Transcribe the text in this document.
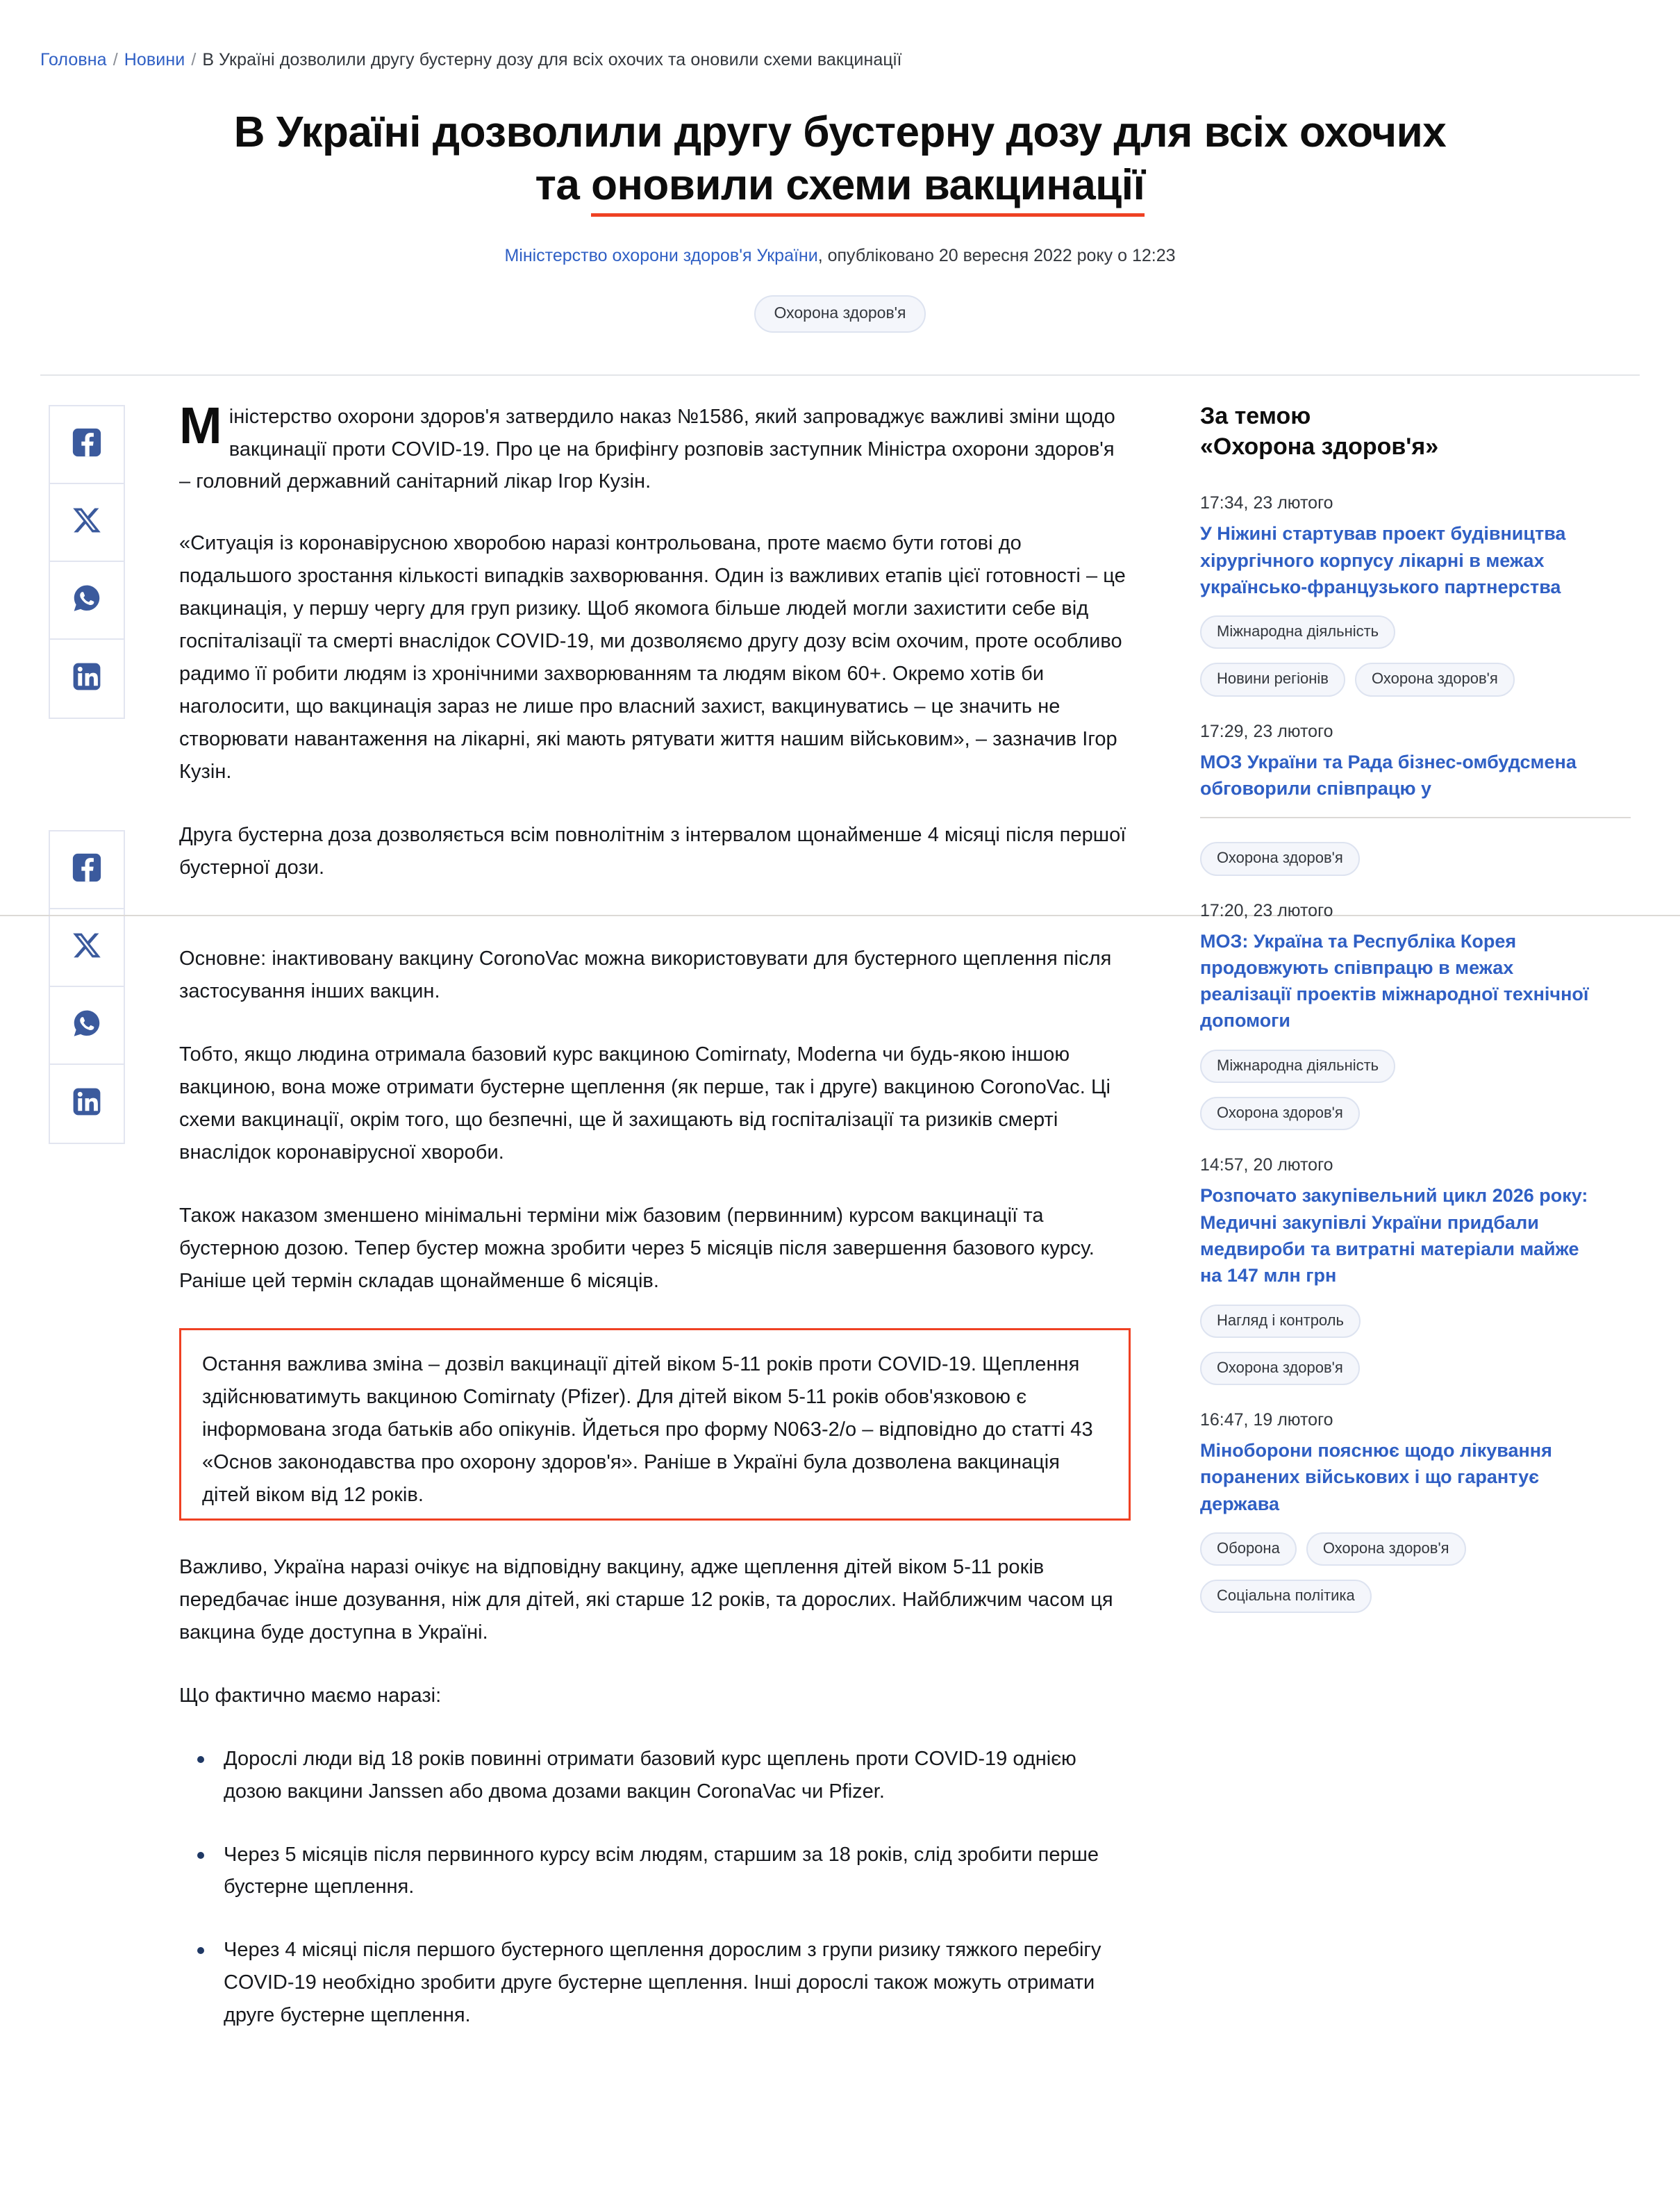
Головна / Новини / В Україні дозволили другу бустерну дозу для всіх охочих та оновили схеми вакцинації
В Україні дозволили другу бустерну дозу для всіх охочих та оновили схеми вакцинації
Міністерство охорони здоров'я України, опубліковано 20 вересня 2022 року о 12:23
Охорона здоров'я

Міністерство охорони здоров'я затвердило наказ №1586, який запроваджує важливі зміни щодо вакцинації проти COVID-19. Про це на брифінгу розповів заступник Міністра охорони здоров'я – головний державний санітарний лікар Ігор Кузін.

«Ситуація із коронавірусною хворобою наразі контрольована, проте маємо бути готові до подальшого зростання кількості випадків захворювання. Один із важливих етапів цієї готовності – це вакцинація, у першу чергу для груп ризику. Щоб якомога більше людей могли захистити себе від госпіталізації та смерті внаслідок COVID-19, ми дозволяємо другу дозу всім охочим, проте особливо радимо її робити людям із хронічними захворюванням та людям віком 60+. Окремо хотів би наголосити, що вакцинація зараз не лише про власний захист, вакцинуватись – це значить не створювати навантаження на лікарні, які мають рятувати життя нашим військовим», – зазначив Ігор Кузін.

Друга бустерна доза дозволяється всім повнолітнім з інтервалом щонайменше 4 місяці після першої бустерної дози.

Основне: інактивовану вакцину CoronoVac можна використовувати для бустерного щеплення після застосування інших вакцин.

Тобто, якщо людина отримала базовий курс вакциною Comirnaty, Moderna чи будь-якою іншою вакциною, вона може отримати бустерне щеплення (як перше, так і друге) вакциною CoronoVac. Ці схеми вакцинації, окрім того, що безпечні, ще й захищають від госпіталізації та ризиків смерті внаслідок коронавірусної хвороби.

Також наказом зменшено мінімальні терміни між базовим (первинним) курсом вакцинації та бустерною дозою. Тепер бустер можна зробити через 5 місяців після завершення базового курсу. Раніше цей термін складав щонайменше 6 місяців.

Остання важлива зміна – дозвіл вакцинації дітей віком 5-11 років проти COVID-19. Щеплення здійснюватимуть вакциною Comirnaty (Pfizer). Для дітей віком 5-11 років обов'язковою є інформована згода батьків або опікунів. Йдеться про форму N063-2/о – відповідно до статті 43 «Основ законодавства про охорону здоров'я». Раніше в Україні була дозволена вакцинація дітей віком від 12 років.

Важливо, Україна наразі очікує на відповідну вакцину, адже щеплення дітей віком 5-11 років передбачає інше дозування, ніж для дітей, які старше 12 років, та дорослих. Найближчим часом ця вакцина буде доступна в Україні.

Що фактично маємо наразі:

Дорослі люди від 18 років повинні отримати базовий курс щеплень проти COVID-19 однією дозою вакцини Janssen або двома дозами вакцин CoronaVac чи Pfizer.
Через 5 місяців після первинного курсу всім людям, старшим за 18 років, слід зробити перше бустерне щеплення.
Через 4 місяці після першого бустерного щеплення дорослим з групи ризику тяжкого перебігу COVID-19 необхідно зробити друге бустерне щеплення. Інші дорослі також можуть отримати друге бустерне щеплення.
За темою
«Охорона здоров'я»
17:34, 23 лютого
У Ніжині стартував проект будівництва хірургічного корпусу лікарні в межах українсько-французького партнерства
Міжнародна діяльність
Новини регіонів	Охорона здоров'я
17:29, 23 лютого
МОЗ України та Рада бізнес-омбудсмена обговорили співпрацю у
Охорона здоров'я
17:20, 23 лютого
МОЗ: Україна та Республіка Корея продовжують співпрацю в межах реалізації проектів міжнародної технічної допомоги
Міжнародна діяльність
Охорона здоров'я
14:57, 20 лютого
Розпочато закупівельний цикл 2026 року: Медичні закупівлі України придбали медвироби та витратні матеріали майже на 147 млн грн
Нагляд і контроль
Охорона здоров'я
16:47, 19 лютого
Міноборони пояснює щодо лікування поранених військових і що гарантує держава
Оборона	Охорона здоров'я
Соціальна політика
